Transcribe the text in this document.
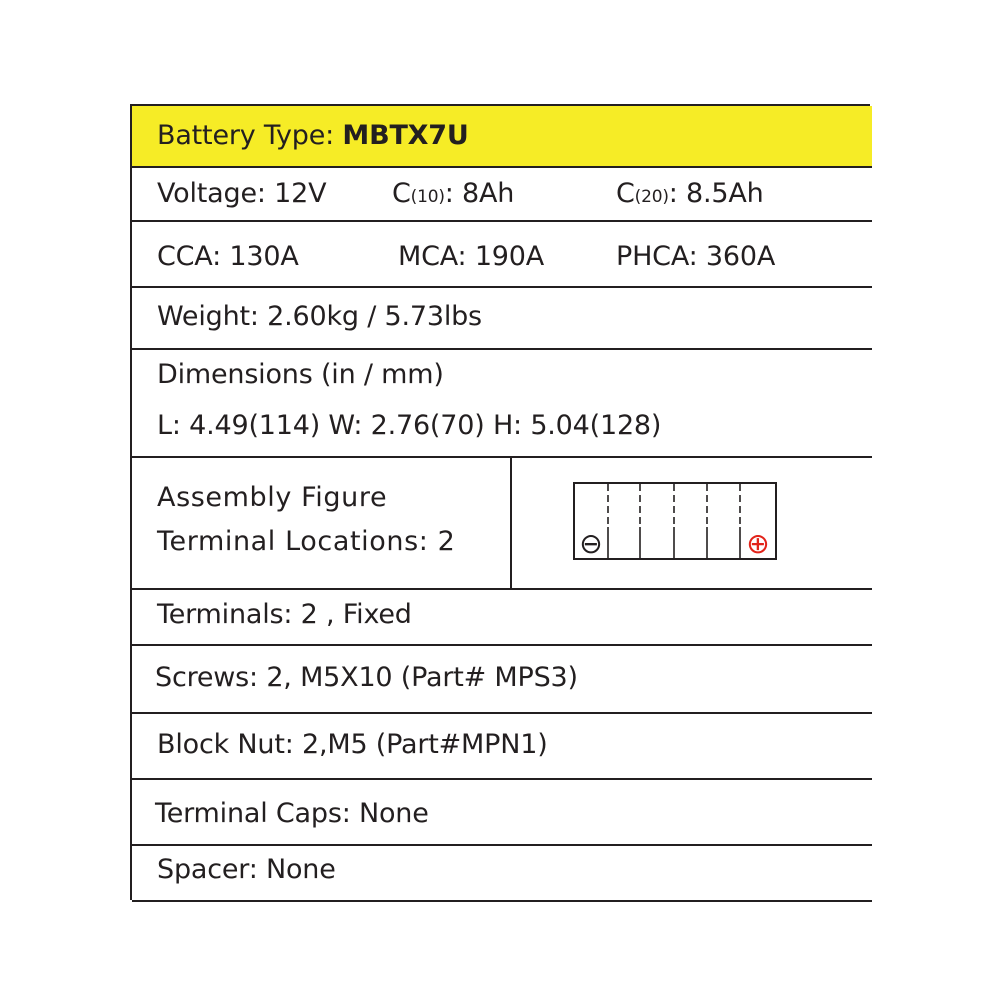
Battery Type: MBTX7U
Voltage: 12V C(10): 8Ah	C(20): 8.5Ah
CCA: 130A	MCA: 190A	PHCA: 360A
Weight: 2.60kg / 5.73lbs
Dimensions (in / mm)
L: 4.49(114) W: 2.76(70) H: 5.04(128)
Assembly Figure
Terminal Locations: 2	⊖	⊕
Terminals: 2 , Fixed
Screws: 2, M5X10 (Part# MPS3)
Block Nut: 2,M5 (Part#MPN1)
Terminal Caps: None
Spacer: None
